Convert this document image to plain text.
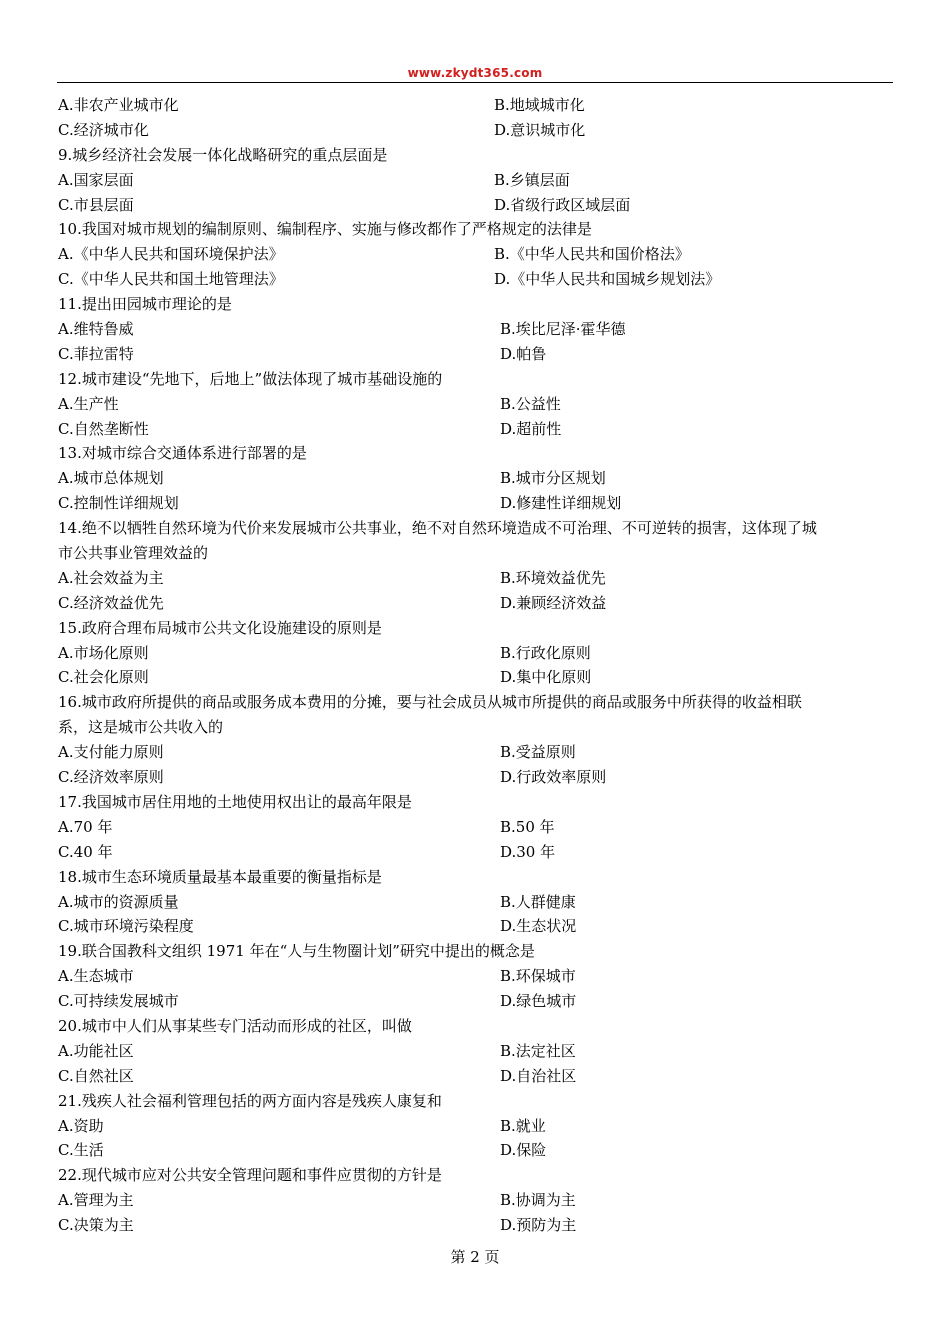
www.zkydt365.com
A.非农产业城市化	B.地域城市化
C.经济城市化	D.意识城市化
9.城乡经济社会发展一体化战略研究的重点层面是
A.国家层面	B.乡镇层面
C.市县层面	D.省级行政区域层面
10.我国对城市规划的编制原则、编制程序、实施与修改都作了严格规定的法律是
A.《中华人民共和国环境保护法》	B.《中华人民共和国价格法》
C.《中华人民共和国土地管理法》	D.《中华人民共和国城乡规划法》
11.提出田园城市理论的是
A.维特鲁威	B.埃比尼泽·霍华德
C.菲拉雷特	D.帕鲁
12.城市建设“先地下，后地上”做法体现了城市基础设施的
A.生产性	B.公益性
C.自然垄断性	D.超前性
13.对城市综合交通体系进行部署的是
A.城市总体规划	B.城市分区规划
C.控制性详细规划	D.修建性详细规划
14.绝不以牺牲自然环境为代价来发展城市公共事业，绝不对自然环境造成不可治理、不可逆转的损害，这体现了城
市公共事业管理效益的
A.社会效益为主	B.环境效益优先
C.经济效益优先	D.兼顾经济效益
15.政府合理布局城市公共文化设施建设的原则是
A.市场化原则	B.行政化原则
C.社会化原则	D.集中化原则
16.城市政府所提供的商品或服务成本费用的分摊，要与社会成员从城市所提供的商品或服务中所获得的收益相联
系，这是城市公共收入的
A.支付能力原则	B.受益原则
C.经济效率原则	D.行政效率原则
17.我国城市居住用地的土地使用权出让的最高年限是
A.70 年	B.50 年
C.40 年	D.30 年
18.城市生态环境质量最基本最重要的衡量指标是
A.城市的资源质量	B.人群健康
C.城市环境污染程度	D.生态状况
19.联合国教科文组织 1971 年在“人与生物圈计划”研究中提出的概念是
A.生态城市	B.环保城市
C.可持续发展城市	D.绿色城市
20.城市中人们从事某些专门活动而形成的社区，叫做
A.功能社区	B.法定社区
C.自然社区	D.自治社区
21.残疾人社会福利管理包括的两方面内容是残疾人康复和
A.资助	B.就业
C.生活	D.保险
22.现代城市应对公共安全管理问题和事件应贯彻的方针是
A.管理为主	B.协调为主
C.决策为主	D.预防为主
第 2 页
